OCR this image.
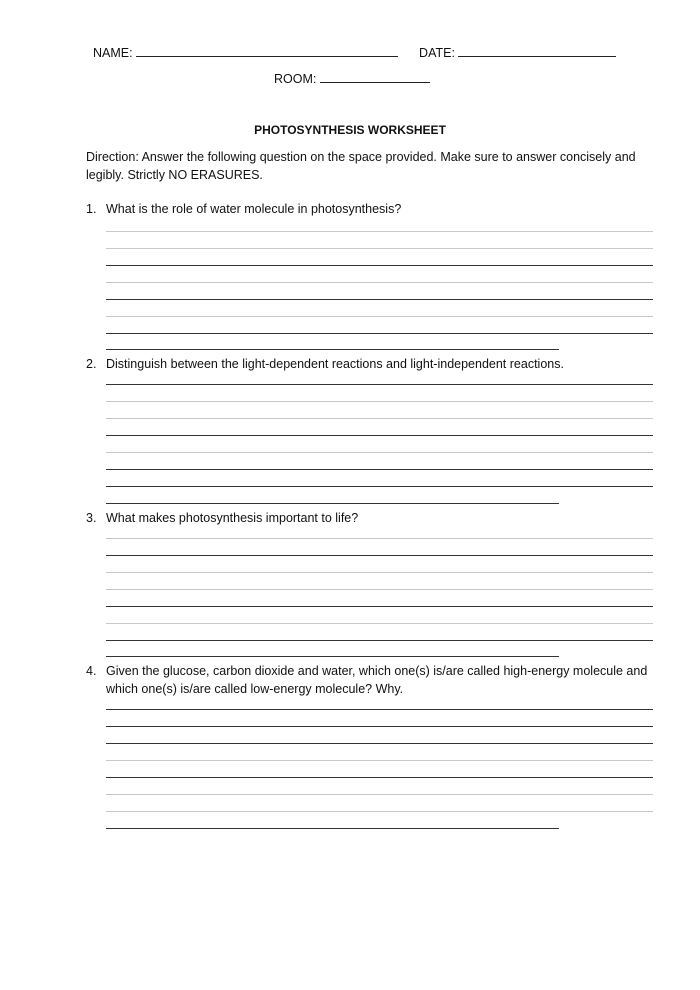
NAME:	DATE:
ROOM:
PHOTOSYNTHESIS WORKSHEET
Direction: Answer the following question on the space provided. Make sure to answer concisely and legibly. Strictly NO ERASURES.
1. What is the role of water molecule in photosynthesis?
2. Distinguish between the light-dependent reactions and light-independent reactions.
3. What makes photosynthesis important to life?
4. Given the glucose, carbon dioxide and water, which one(s) is/are called high-energy molecule and which one(s) is/are called low-energy molecule? Why.
